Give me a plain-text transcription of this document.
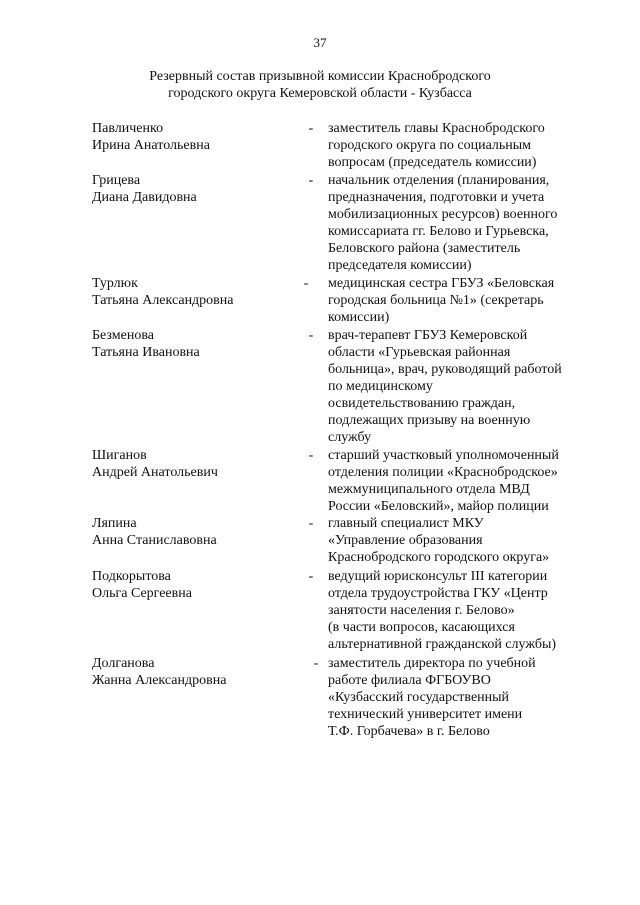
37
Резервный состав призывной комиссии Краснобродского
городского округа Кемеровской области - Кузбасса
Павличенко
Ирина Анатольевна
- заместитель главы Краснобродского
городского округа по социальным
вопросам (председатель комиссии)
Грицева
Диана Давидовна
- начальник отделения (планирования,
предназначения, подготовки и учета
мобилизационных ресурсов) военного
комиссариата гг. Белово и Гурьевска,
Беловского района (заместитель
председателя комиссии)
Турлюк
Татьяна Александровна
- медицинская сестра ГБУЗ «Беловская
городская больница №1» (секретарь
комиссии)
Безменова
Татьяна Ивановна
- врач-терапевт ГБУЗ Кемеровской
области «Гурьевская районная
больница», врач, руководящий работой
по медицинскому
освидетельствованию граждан,
подлежащих призыву на военную
службу
Шиганов
Андрей Анатольевич
- старший участковый уполномоченный
отделения полиции «Краснобродское»
межмуниципального отдела МВД
России «Беловский», майор полиции
Ляпина
Анна Станиславовна
- главный специалист МКУ
«Управление образования
Краснобродского городского округа»
Подкорытова
Ольга Сергеевна
- ведущий юрисконсульт III категории
отдела трудоустройства ГКУ «Центр
занятости населения г. Белово»
(в части вопросов, касающихся
альтернативной гражданской службы)
Долганова
Жанна Александровна
- заместитель директора по учебной
работе филиала ФГБОУВО
«Кузбасский государственный
технический университет имени
Т.Ф. Горбачева» в г. Белово
